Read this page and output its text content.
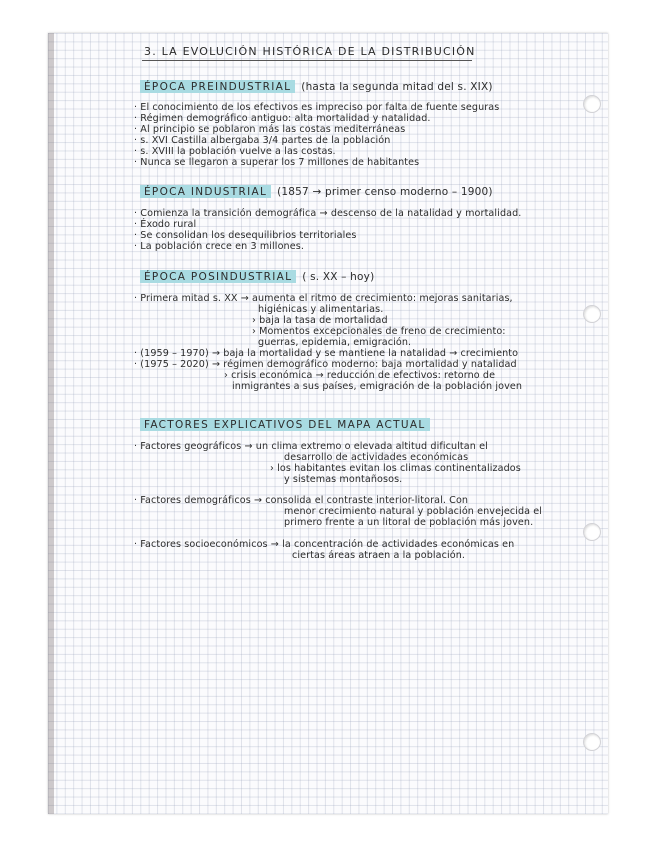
3. LA EVOLUCIÓN HISTÓRICA DE LA DISTRIBUCIÓN
ÉPOCA PREINDUSTRIAL (hasta la segunda mitad del s. XIX)
· El conocimiento de los efectivos es impreciso por falta de fuente seguras
· Régimen demográfico antiguo: alta mortalidad y natalidad.
· Al principio se poblaron más las costas mediterráneas
· s. XVI Castilla albergaba 3/4 partes de la población
· s. XVIII la población vuelve a las costas.
· Nunca se llegaron a superar los 7 millones de habitantes
ÉPOCA INDUSTRIAL (1857 → primer censo moderno – 1900)
· Comienza la transición demográfica → descenso de la natalidad y mortalidad.
· Éxodo rural
· Se consolidan los desequilibrios territoriales
· La población crece en 3 millones.
ÉPOCA POSINDUSTRIAL ( s. XX – hoy)
· Primera mitad s. XX → aumenta el ritmo de crecimiento: mejoras sanitarias,
higiénicas y alimentarias.
› baja la tasa de mortalidad
› Momentos excepcionales de freno de crecimiento:
guerras, epidemia, emigración.
· (1959 – 1970) → baja la mortalidad y se mantiene la natalidad → crecimiento
· (1975 – 2020) → régimen demográfico moderno: baja mortalidad y natalidad
› crisis económica → reducción de efectivos: retorno de
inmigrantes a sus países, emigración de la población joven
FACTORES EXPLICATIVOS DEL MAPA ACTUAL
· Factores geográficos → un clima extremo o elevada altitud dificultan el
desarrollo de actividades económicas
› los habitantes evitan los climas continentalizados
y sistemas montañosos.
· Factores demográficos → consolida el contraste interior-litoral. Con
menor crecimiento natural y población envejecida el
primero frente a un litoral de población más joven.
· Factores socioeconómicos → la concentración de actividades económicas en
ciertas áreas atraen a la población.
